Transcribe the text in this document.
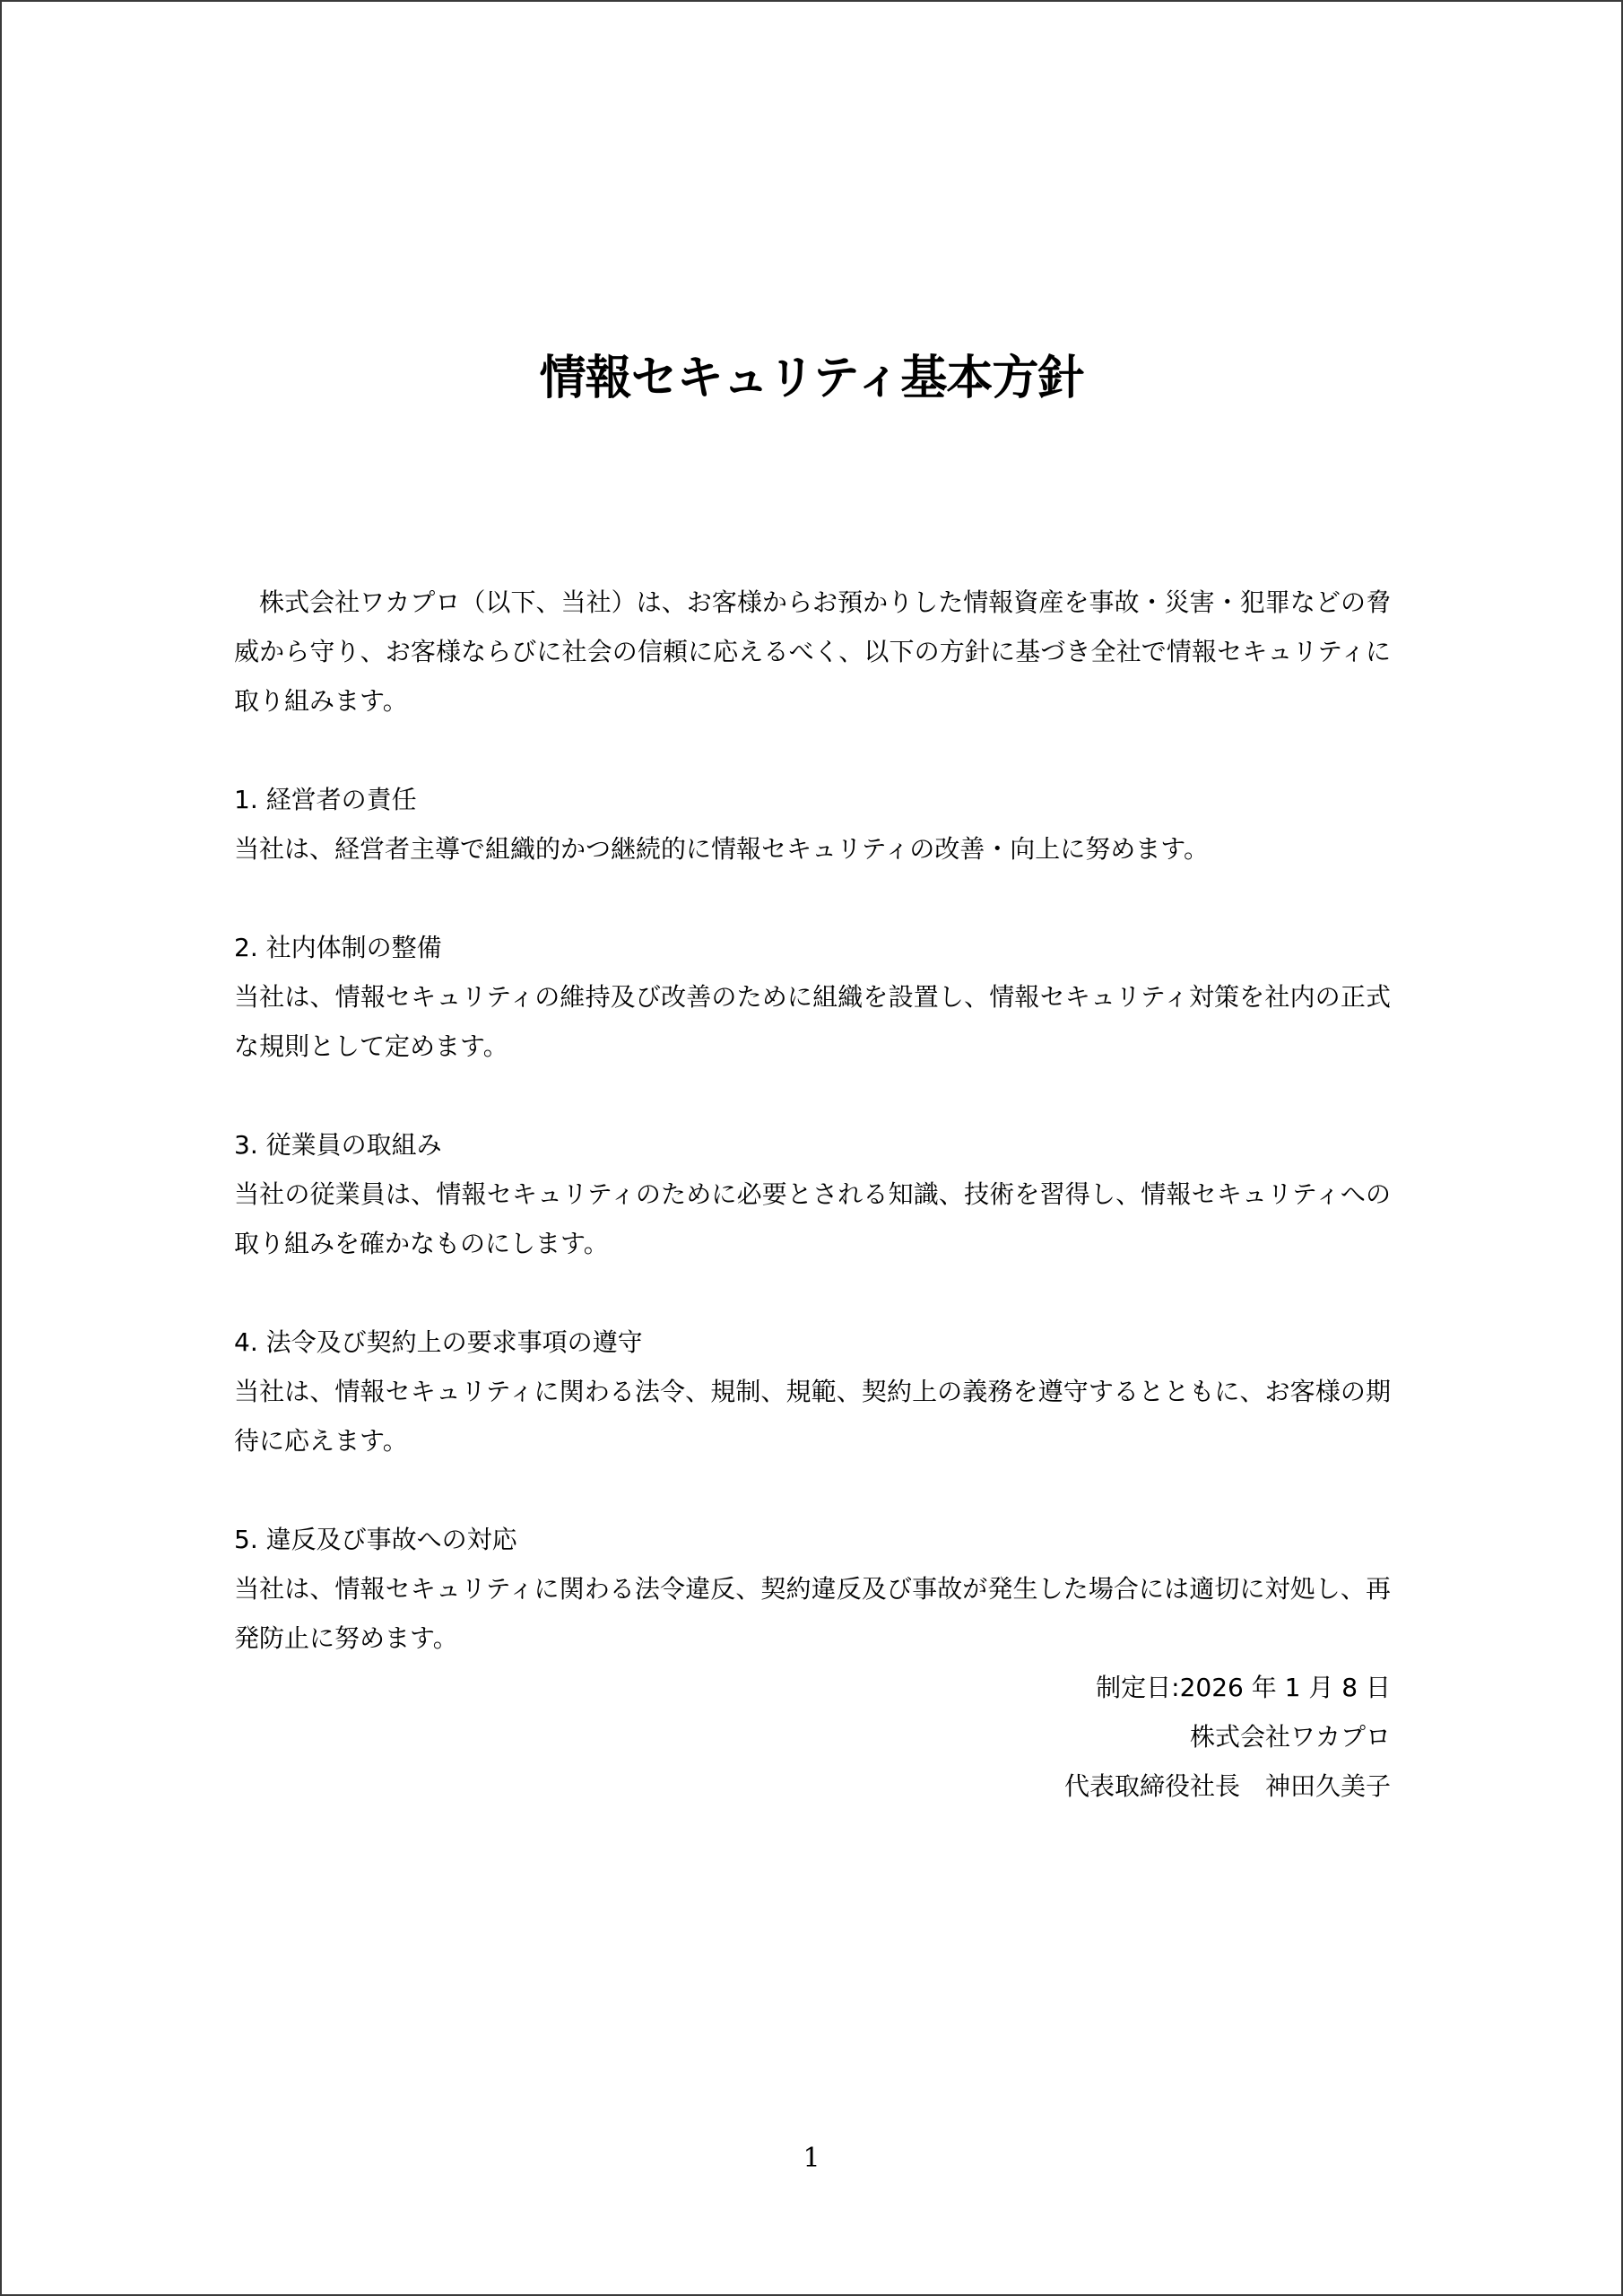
情報セキュリティ基本方針

株式会社ワカプロ（以下、当社）は、お客様からお預かりした情報資産を事故・災害・犯罪などの脅威から守り、お客様ならびに社会の信頼に応えるべく、以下の方針に基づき全社で情報セキュリティに取り組みます。

1. 経営者の責任

当社は、経営者主導で組織的かつ継続的に情報セキュリティの改善・向上に努めます。

2. 社内体制の整備

当社は、情報セキュリティの維持及び改善のために組織を設置し、情報セキュリティ対策を社内の正式な規則として定めます。

3. 従業員の取組み

当社の従業員は、情報セキュリティのために必要とされる知識、技術を習得し、情報セキュリティへの取り組みを確かなものにします。

4. 法令及び契約上の要求事項の遵守

当社は、情報セキュリティに関わる法令、規制、規範、契約上の義務を遵守するとともに、お客様の期待に応えます。

5. 違反及び事故への対応

当社は、情報セキュリティに関わる法令違反、契約違反及び事故が発生した場合には適切に対処し、再発防止に努めます。

制定日:2026 年 1 月 8 日
株式会社ワカプロ
代表取締役社長　神田久美子
1
